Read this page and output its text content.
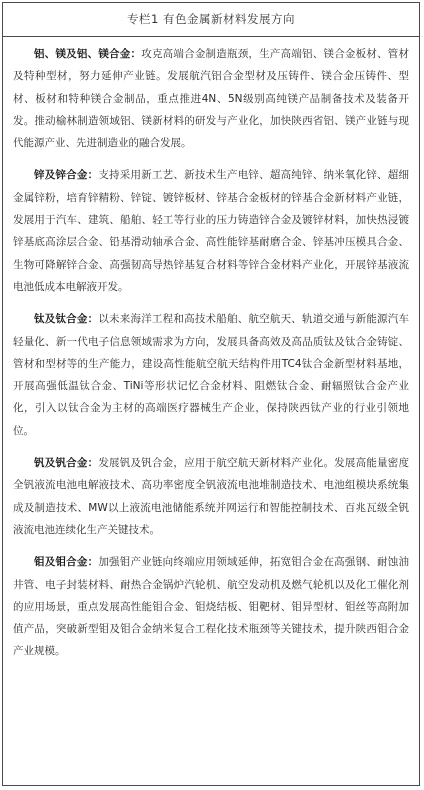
专栏1 有色金属新材料发展方向

铝、镁及铝、镁合金：攻克高端合金制造瓶颈，生产高端铝、镁合金板材、管材及特种型材，努力延伸产业链。发展航汽铝合金型材及压铸件、镁合金压铸件、型材、板材和特种镁合金制品，重点推进4N、5N级别高纯镁产品制备技术及装备开发。推动榆林制造领域铝、镁新材料的研发与产业化，加快陕西省铝、镁产业链与现代能源产业、先进制造业的融合发展。

锌及锌合金：支持采用新工艺、新技术生产电锌、超高纯锌、纳米氧化锌、超细金属锌粉，培育锌精粉、锌锭、镀锌板材、锌基合金板材的锌基合金新材料产业链，发展用于汽车、建筑、船舶、轻工等行业的压力铸造锌合金及镀锌材料，加快热浸镀锌基底高涂层合金、铅基滑动轴承合金、高性能锌基耐磨合金、锌基冲压模具合金、生物可降解锌合金、高强韧高导热锌基复合材料等锌合金材料产业化，开展锌基液流电池低成本电解液开发。

钛及钛合金：以未来海洋工程和高技术船舶、航空航天、轨道交通与新能源汽车轻量化、新一代电子信息领域需求为方向，发展具备高效及高品质钛及钛合金铸锭、管材和型材等的生产能力，建设高性能航空航天结构件用TC4钛合金新型材料基地，开展高强低温钛合金、TiNi等形状记忆合金材料、阻燃钛合金、耐辐照钛合金产业化，引入以钛合金为主材的高端医疗器械生产企业，保持陕西钛产业的行业引领地位。

钒及钒合金：发展钒及钒合金，应用于航空航天新材料产业化。发展高能量密度全钒液流电池电解液技术、高功率密度全钒液流电池堆制造技术、电池组模块系统集成及制造技术、MW以上液流电池储能系统并网运行和智能控制技术、百兆瓦级全钒液流电池连续化生产关键技术。

钼及钼合金：加强钼产业链向终端应用领域延伸，拓宽钼合金在高强钢、耐蚀油井管、电子封装材料、耐热合金锅炉汽轮机、航空发动机及燃气轮机以及化工催化剂的应用场景，重点发展高性能钼合金、钼烧结板、钼靶材、钼异型材、钼丝等高附加值产品，突破新型钼及钼合金纳米复合工程化技术瓶颈等关键技术，提升陕西钼合金产业规模。
